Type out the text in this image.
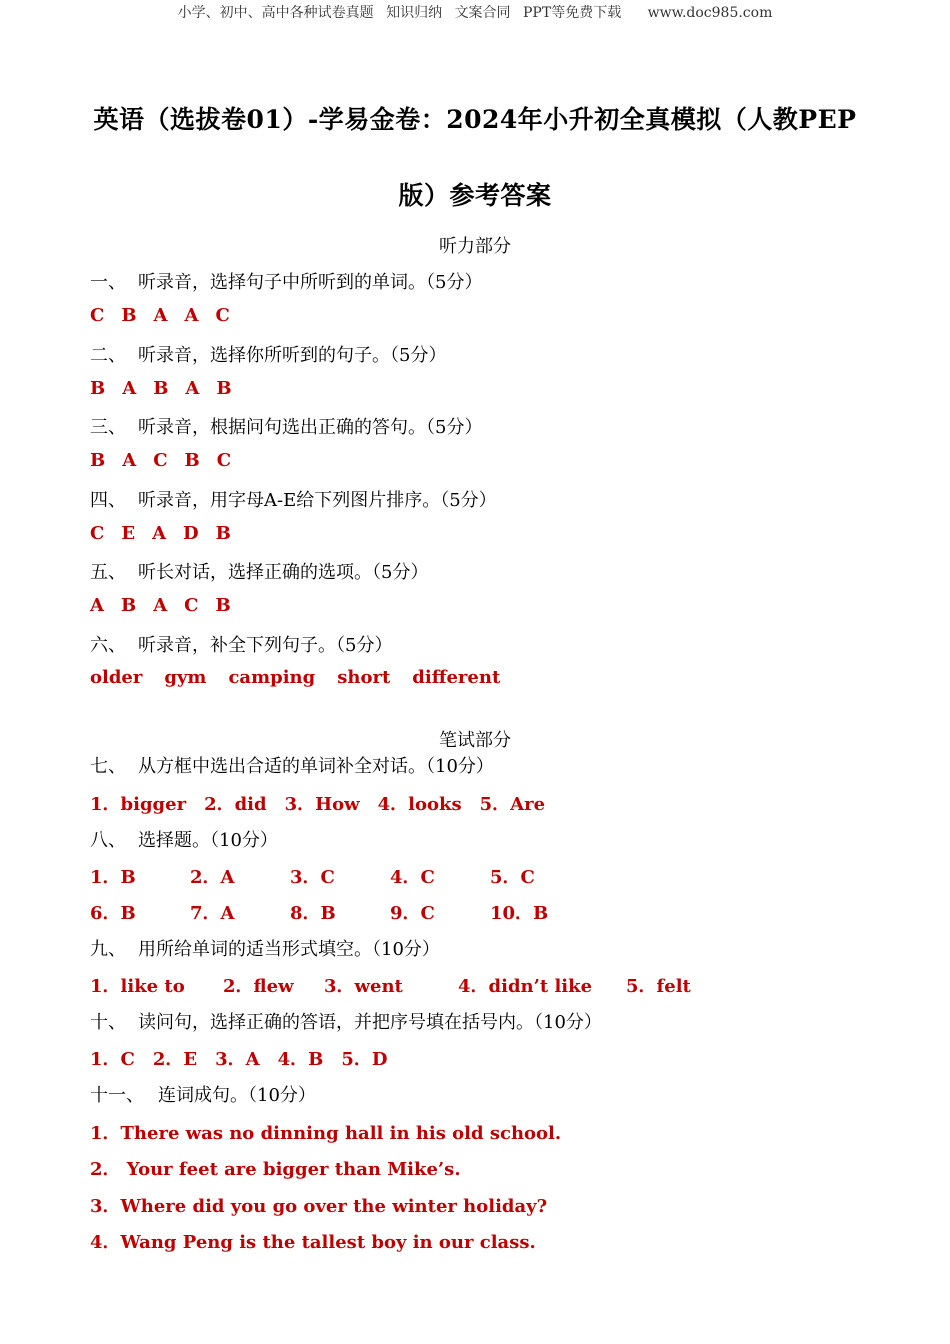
小学、初中、高中各种试卷真题 知识归纳 文案合同 PPT等免费下载 www.doc985.com
英语（选拔卷01）-学易金卷：2024年小升初全真模拟（人教PEP
版）参考答案
听力部分
一、 听录音，选择句子中所听到的单词。（5分）
C B A A C
二、 听录音，选择你所听到的句子。（5分）
B A B A B
三、 听录音，根据问句选出正确的答句。（5分）
B A C B C
四、 听录音，用字母A-E给下列图片排序。（5分）
C E A D B
五、 听长对话，选择正确的选项。（5分）
A B A C B
六、 听录音，补全下列句子。（5分）
older gym camping short different
笔试部分
七、 从方框中选出合适的单词补全对话。（10分）
1．bigger 2．did 3．How 4．looks 5．Are
八、 选择题。（10分）
1．B	2．A	3．C	4．C	5．C
6．B	7．A	8．B	9．C	10．B
九、 用所给单词的适当形式填空。（10分）
1．like to 2．flew 3．went	4．didn’t like 5．felt
十、 读问句，选择正确的答语，并把序号填在括号内。（10分）
1．C 2．E 3．A 4．B 5．D
十一、 连词成句。（10分）
1．There was no dinning hall in his old school.
2． Your feet are bigger than Mike’s.
3．Where did you go over the winter holiday?
4．Wang Peng is the tallest boy in our class.
